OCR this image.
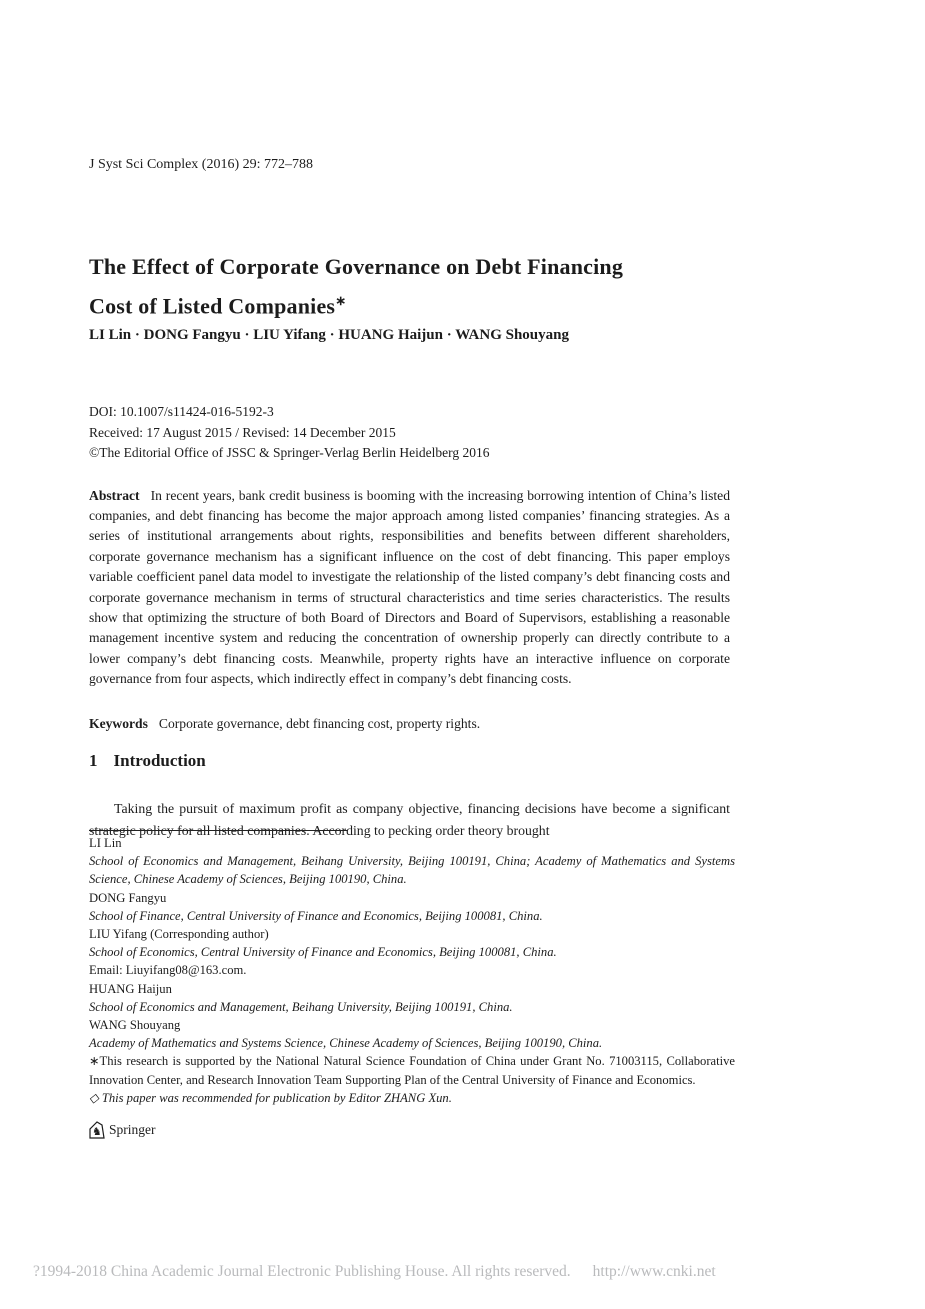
J Syst Sci Complex (2016) 29: 772–788
The Effect of Corporate Governance on Debt Financing
Cost of Listed Companies∗
LI Lin · DONG Fangyu · LIU Yifang · HUANG Haijun · WANG Shouyang
DOI: 10.1007/s11424-016-5192-3
Received: 17 August 2015 / Revised: 14 December 2015
©The Editorial Office of JSSC & Springer-Verlag Berlin Heidelberg 2016

Abstract In recent years, bank credit business is booming with the increasing borrowing intention of China’s listed companies, and debt financing has become the major approach among listed companies’ financing strategies. As a series of institutional arrangements about rights, responsibilities and benefits between different shareholders, corporate governance mechanism has a significant influence on the cost of debt financing. This paper employs variable coefficient panel data model to investigate the relationship of the listed company’s debt financing costs and corporate governance mechanism in terms of structural characteristics and time series characteristics. The results show that optimizing the structure of both Board of Directors and Board of Supervisors, establishing a reasonable management incentive system and reducing the concentration of ownership properly can directly contribute to a lower company’s debt financing costs. Meanwhile, property rights have an interactive influence on corporate governance from four aspects, which indirectly effect in company’s debt financing costs.

Keywords Corporate governance, debt financing cost, property rights.

1 Introduction

Taking the pursuit of maximum profit as company objective, financing decisions have become a significant strategic policy for all listed companies. According to pecking order theory brought

LI Lin

School of Economics and Management, Beihang University, Beijing 100191, China; Academy of Mathematics and Systems Science, Chinese Academy of Sciences, Beijing 100190, China.

DONG Fangyu

School of Finance, Central University of Finance and Economics, Beijing 100081, China.

LIU Yifang (Corresponding author)

School of Economics, Central University of Finance and Economics, Beijing 100081, China.

Email: Liuyifang08@163.com.

HUANG Haijun

School of Economics and Management, Beihang University, Beijing 100191, China.

WANG Shouyang

Academy of Mathematics and Systems Science, Chinese Academy of Sciences, Beijing 100190, China.

∗This research is supported by the National Natural Science Foundation of China under Grant No. 71003115, Collaborative Innovation Center, and Research Innovation Team Supporting Plan of the Central University of Finance and Economics.

◇ This paper was recommended for publication by Editor ZHANG Xun.

♞ Springer
?1994-2018 China Academic Journal Electronic Publishing House. All rights reserved. http://www.cnki.net
